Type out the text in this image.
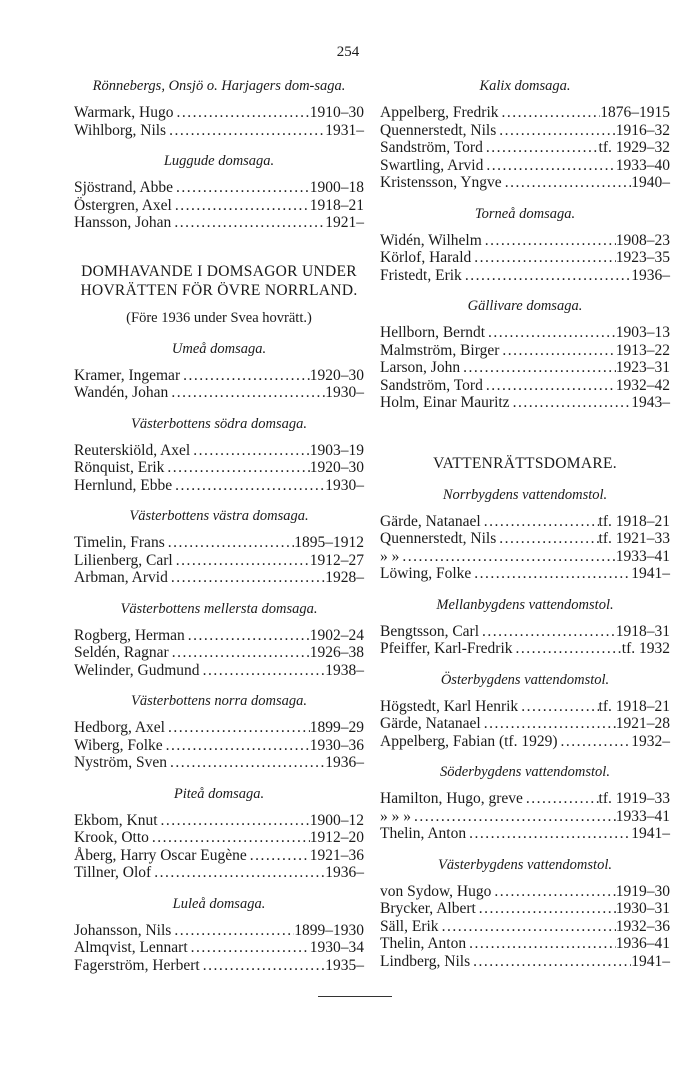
254

Rönnebergs, Onsjö o. Harjagers dom-saga.

Warmark, Hugo .....	1910–30
Wihlborg, Nils .....	1931–

Luggude domsaga.

Sjöstrand, Abbe .....	1900–18
Östergren, Axel .....	1918–21
Hansson, Johan .....	1921–

DOMHAVANDE I DOMSAGOR UNDER HOVRÄTTEN FÖR ÖVRE NORRLAND.

(Före 1936 under Svea hovrätt.)

Umeå domsaga.

Kramer, Ingemar .....	1920–30
Wandén, Johan .....	1930–

Västerbottens södra domsaga.

Reuterskiöld, Axel .....	1903–19
Rönquist, Erik .....	1920–30
Hernlund, Ebbe .....	1930–

Västerbottens västra domsaga.

Timelin, Frans .....	1895–1912
Lilienberg, Carl .....	1912–27
Arbman, Arvid .....	1928–

Västerbottens mellersta domsaga.

Rogberg, Herman .....	1902–24
Seldén, Ragnar .....	1926–38
Welinder, Gudmund .....	1938–

Västerbottens norra domsaga.

Hedborg, Axel .....	1899–29
Wiberg, Folke .....	1930–36
Nyström, Sven .....	1936–

Piteå domsaga.

Ekbom, Knut .....	1900–12
Krook, Otto .....	1912–20
Åberg, Harry Oscar Eugène .....	1921–36
Tillner, Olof .....	1936–

Luleå domsaga.

Johansson, Nils .....	1899–1930
Almqvist, Lennart .....	1930–34
Fagerström, Herbert .....	1935–

Kalix domsaga.

Appelberg, Fredrik .....	1876–1915
Quennerstedt, Nils .....	1916–32
Sandström, Tord .....	tf. 1929–32
Swartling, Arvid .....	1933–40
Kristensson, Yngve .....	1940–

Torneå domsaga.

Widén, Wilhelm .....	1908–23
Körlof, Harald .....	1923–35
Fristedt, Erik .....	1936–

Gällivare domsaga.

Hellborn, Berndt .....	1903–13
Malmström, Birger .....	1913–22
Larson, John .....	1923–31
Sandström, Tord .....	1932–42
Holm, Einar Mauritz .....	1943–

VATTENRÄTTSDOMARE.

Norrbygdens vattendomstol.

Gärde, Natanael .....	tf. 1918–21
Quennerstedt, Nils .....	tf. 1921–33
» » .....	1933–41
Löwing, Folke .....	1941–

Mellanbygdens vattendomstol.

Bengtsson, Carl .....	1918–31
Pfeiffer, Karl-Fredrik .....	tf. 1932

Österbygdens vattendomstol.

Högstedt, Karl Henrik .....	tf. 1918–21
Gärde, Natanael .....	1921–28
Appelberg, Fabian (tf. 1929) .....	1932–

Söderbygdens vattendomstol.

Hamilton, Hugo, greve .....	tf. 1919–33
» » » .....	1933–41
Thelin, Anton .....	1941–

Västerbygdens vattendomstol.

von Sydow, Hugo .....	1919–30
Brycker, Albert .....	1930–31
Säll, Erik .....	1932–36
Thelin, Anton .....	1936–41
Lindberg, Nils .....	1941–
